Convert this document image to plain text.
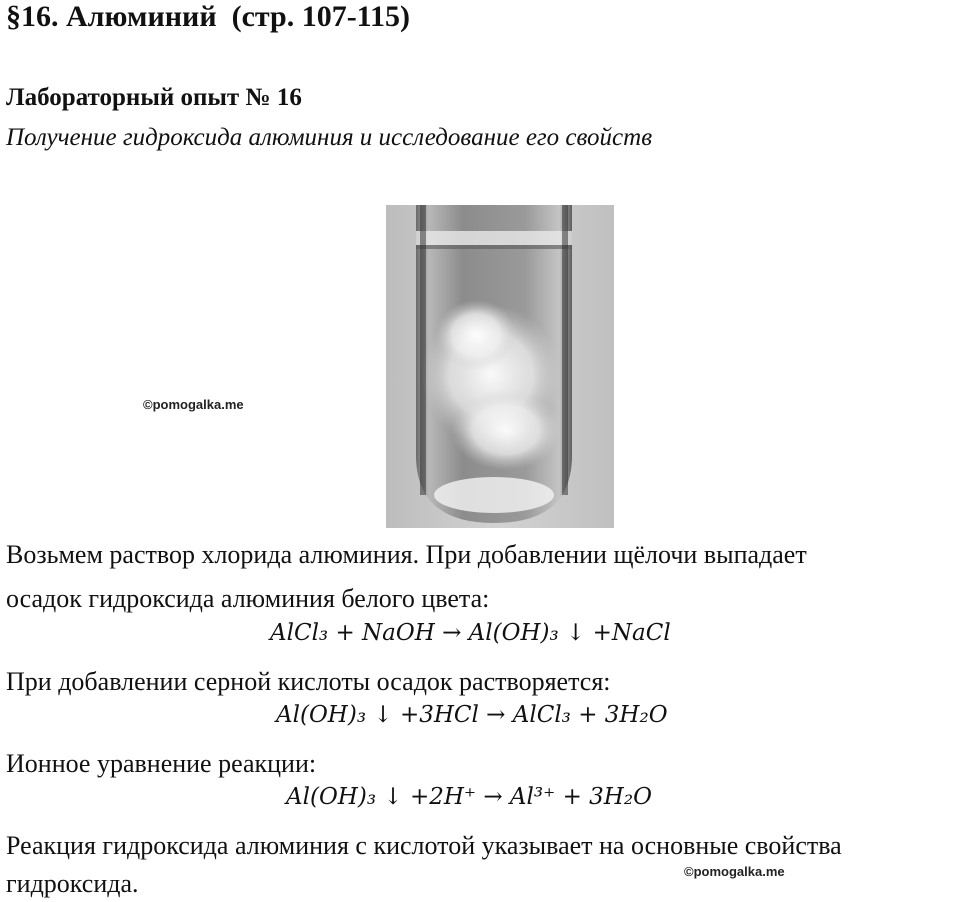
§16. Алюминий  (стр. 107-115)
Лабораторный опыт № 16
Получение гидроксида алюминия и исследование его свойств
©pomogalka.me
Возьмем раствор хлорида алюминия. При добавлении щёлочи выпадает
осадок гидроксида алюминия белого цвета:
AlCl₃ + NaOH → Al(OH)₃ ↓ +NaCl
При добавлении серной кислоты осадок растворяется:
Al(OH)₃ ↓ +3HCl → AlCl₃ + 3H₂O
Ионное уравнение реакции:
Al(OH)₃ ↓ +2H⁺ → Al³⁺ + 3H₂O
Реакция гидроксида алюминия с кислотой указывает на основные свойства
гидроксида.	©pomogalka.me
